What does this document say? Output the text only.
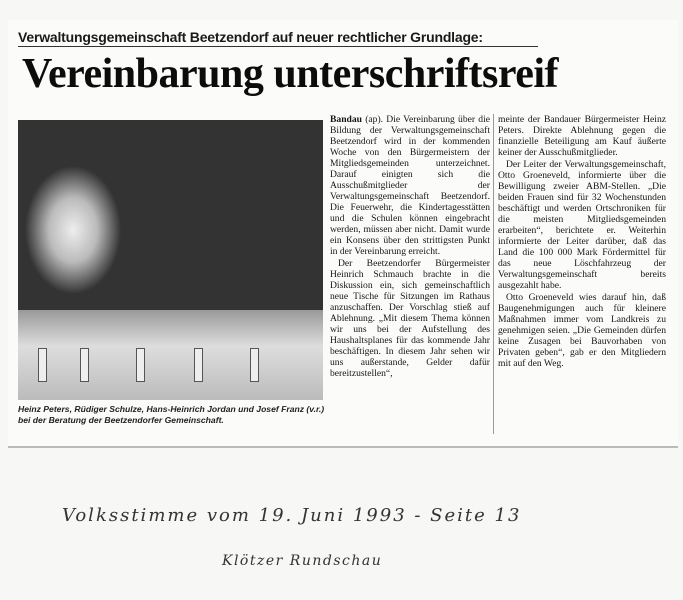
Verwaltungsgemeinschaft Beetzendorf auf neuer rechtlicher Grundlage:
Vereinbarung unterschriftsreif
Heinz Peters, Rüdiger Schulze, Hans-Heinrich Jordan und Josef Franz (v.r.) bei der Beratung der Beetzendorfer Gemeinschaft.

Bandau (ap). Die Vereinbarung über die Bildung der Verwaltungsgemeinschaft Beetzendorf wird in der kommenden Woche von den Bürgermeistern der Mitgliedsgemeinden unterzeichnet. Darauf einigten sich die Ausschußmitglieder der Verwaltungsgemeinschaft Beetzendorf. Die Feuerwehr, die Kindertagesstätten und die Schulen können eingebracht werden, müssen aber nicht. Damit wurde ein Konsens über den strittigsten Punkt in der Vereinbarung erreicht.

Der Beetzendorfer Bürgermeister Heinrich Schmauch brachte in die Diskussion ein, sich gemeinschaftlich neue Tische für Sitzungen im Rathaus anzuschaffen. Der Vorschlag stieß auf Ablehnung. „Mit diesem Thema können wir uns bei der Aufstellung des Haushaltsplanes für das kommende Jahr beschäftigen. In diesem Jahr sehen wir uns außerstande, Gelder dafür bereitzustellen“,

meinte der Bandauer Bürgermeister Heinz Peters. Direkte Ablehnung gegen die finanzielle Beteiligung am Kauf äußerte keiner der Ausschußmitglieder.

Der Leiter der Verwaltungsgemeinschaft, Otto Groeneveld, informierte über die Bewilligung zweier ABM-Stellen. „Die beiden Frauen sind für 32 Wochenstunden beschäftigt und werden Ortschroniken für die meisten Mitgliedsgemeinden erarbeiten“, berichtete er. Weiterhin informierte der Leiter darüber, daß das Land die 100 000 Mark Fördermittel für das neue Löschfahrzeug der Verwaltungsgemeinschaft bereits ausgezahlt habe.

Otto Groeneveld wies darauf hin, daß Baugenehmigungen auch für kleinere Maßnahmen immer vom Landkreis zu genehmigen seien. „Die Gemeinden dürfen keine Zusagen bei Bauvorhaben von Privaten geben“, gab er den Mitgliedern mit auf den Weg.

Volksstimme vom 19. Juni 1993 - Seite 13
Klötzer Rundschau
